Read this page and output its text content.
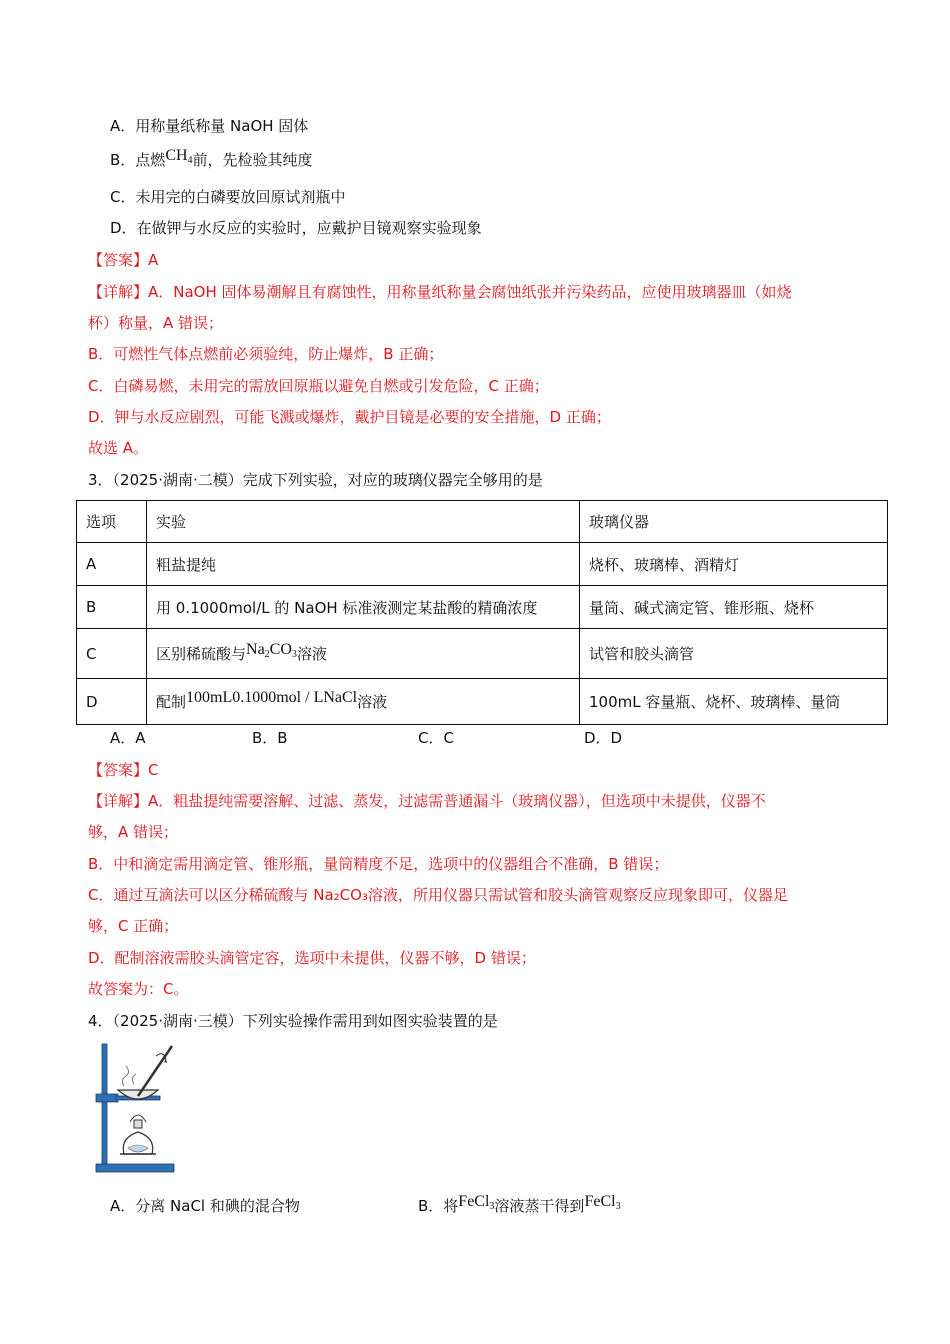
A．用称量纸称量 NaOH 固体
B．点燃CH4前，先检验其纯度
C．未用完的白磷要放回原试剂瓶中
D．在做钾与水反应的实验时，应戴护目镜观察实验现象
【答案】A
【详解】A．NaOH 固体易潮解且有腐蚀性，用称量纸称量会腐蚀纸张并污染药品，应使用玻璃器皿（如烧
杯）称量，A 错误；
B．可燃性气体点燃前必须验纯，防止爆炸，B 正确；
C．白磷易燃，未用完的需放回原瓶以避免自燃或引发危险，C 正确；
D．钾与水反应剧烈，可能飞溅或爆炸，戴护目镜是必要的安全措施，D 正确；
故选 A。
3．（2025·湖南·二模）完成下列实验，对应的玻璃仪器完全够用的是
选项	实验	玻璃仪器
A	粗盐提纯	烧杯、玻璃棒、酒精灯
B	用 0.1000mol/L 的 NaOH 标准液测定某盐酸的精确浓度	量筒、碱式滴定管、锥形瓶、烧杯
C	区别稀硫酸与Na2CO3溶液	试管和胶头滴管
D	配制100mL0.1000mol / LNaCl溶液	100mL 容量瓶、烧杯、玻璃棒、量筒
A．A	B．B	C．C	D．D
【答案】C
【详解】A．粗盐提纯需要溶解、过滤、蒸发，过滤需普通漏斗（玻璃仪器），但选项中未提供，仪器不
够，A 错误；
B．中和滴定需用滴定管、锥形瓶，量筒精度不足，选项中的仪器组合不准确，B 错误；
C．通过互滴法可以区分稀硫酸与 Na₂CO₃溶液，所用仪器只需试管和胶头滴管观察反应现象即可，仪器足
够，C 正确；
D．配制溶液需胶头滴管定容，选项中未提供，仪器不够，D 错误；
故答案为：C。
4．（2025·湖南·三模）下列实验操作需用到如图实验装置的是
A．分离 NaCl 和碘的混合物	B．将FeCl3溶液蒸干得到FeCl3
